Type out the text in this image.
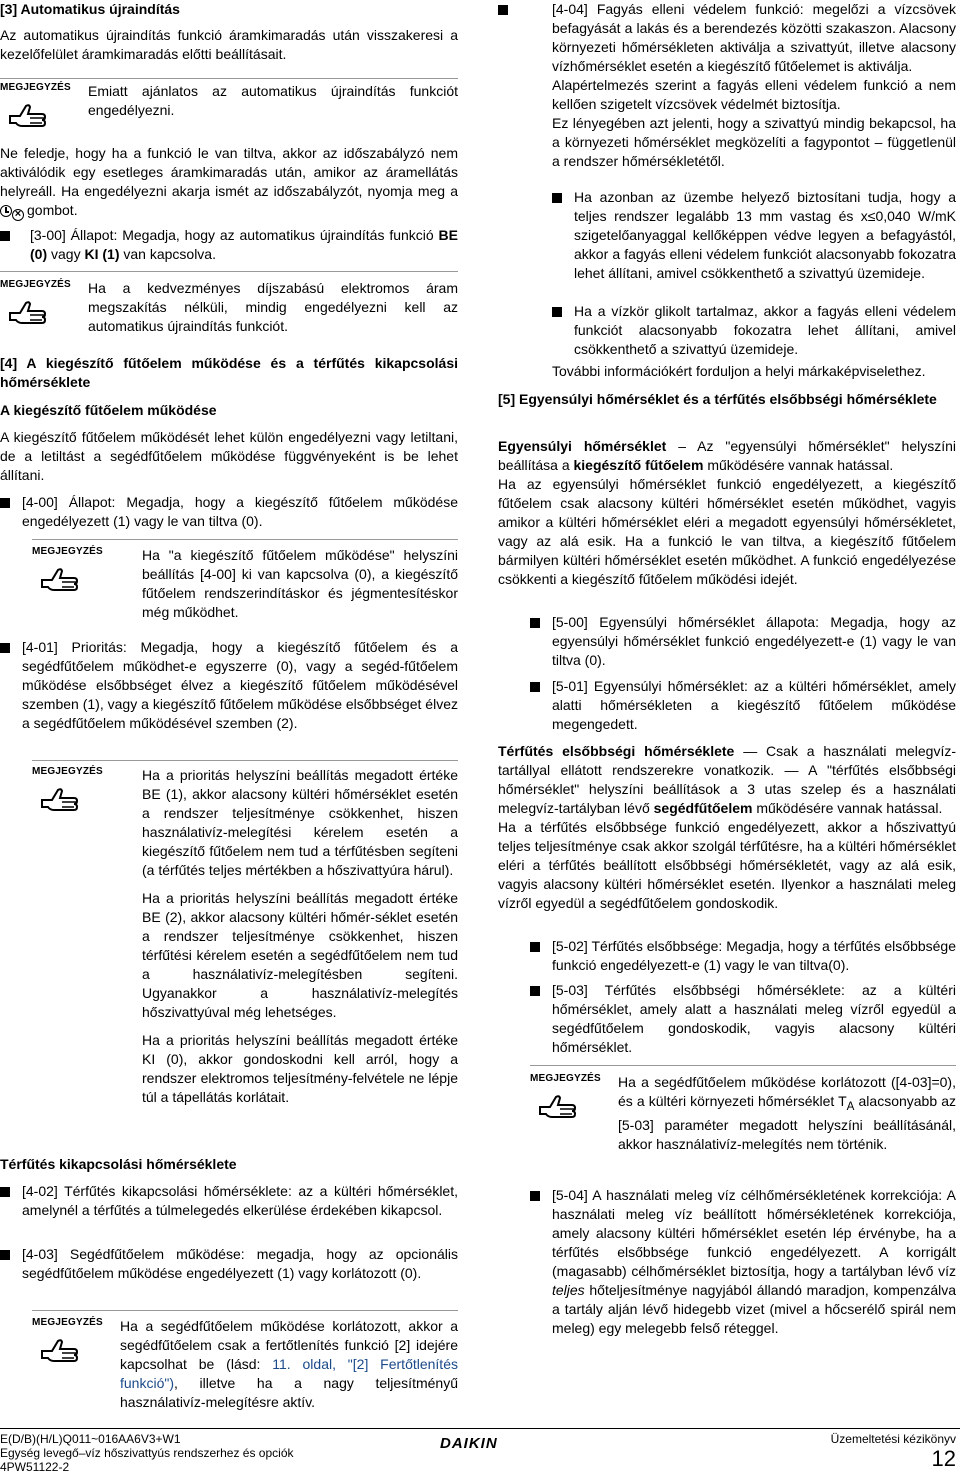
[3] Automatikus újraindítás

Az automatikus újraindítás funkció áramkimaradás után visszakeresi a kezelőfelület áramkimaradás előtti beállításait.

MEGJEGYZÉS Emiatt ajánlatos az automatikus újraindítás funkciót engedélyezni.

Ne feledje, hogy ha a funkció le van tiltva, akkor az időszabályzó nem aktiválódik egy esetleges áramkimaradás után, amikor az áramellátás helyreáll. Ha engedélyezni akarja ismét az időszabályzót, nyomja meg a
× gombot.

[3-00] Állapot: Megadja, hogy az automatikus újraindítás funkció BE (0) vagy KI (1) van kapcsolva.
MEGJEGYZÉS Ha a kedvezményes díjszabású elektromos áram megszakítás nélküli, mindig engedélyezni kell az automatikus újraindítás funkciót.

[4] A kiegészítő fűtőelem működése és a térfűtés kikapcsolási hőmérséklete

A kiegészítő fűtőelem működése

A kiegészítő fűtőelem működését lehet külön engedélyezni vagy letiltani, de a letiltást a segédfűtőelem működése függvényeként is be lehet állítani.

[4-00] Állapot: Megadja, hogy a kiegészítő fűtőelem működése engedélyezett (1) vagy le van tiltva (0).
MEGJEGYZÉS	Ha "a kiegészítő fűtőelem működése" helyszíni beállítás [4-00] ki van kapcsolva (0), a kiegészítő fűtőelem rendszerindításkor és jégmentesítéskor még működhet.
[4-01] Prioritás: Megadja, hogy a kiegészítő fűtőelem és a segédfűtőelem működhet-e egyszerre (0), vagy a segéd-fűtőelem működése elsőbbséget élvez a kiegészítő fűtőelem működésével szemben (1), vagy a kiegészítő fűtőelem működése elsőbbséget élvez a segédfűtőelem működésével szemben (2).
MEGJEGYZÉS	Ha a prioritás helyszíni beállítás megadott értéke BE (1), akkor alacsony kültéri hőmérséklet esetén a rendszer teljesítménye csökkenhet, hiszen használativíz-melegítési kérelem esetén a kiegészítő fűtőelem nem tud a térfűtésben segíteni (a térfűtés teljes mértékben a hőszivattyúra hárul).
Ha a prioritás helyszíni beállítás megadott értéke BE (2), akkor alacsony kültéri hőmér-séklet esetén a rendszer teljesítménye csökkenhet, hiszen térfűtési kérelem esetén a segédfűtőelem nem tud a használativíz-melegítésben segíteni. Ugyanakkor a használativíz-melegítés hőszivattyúval még lehetséges.
Ha a prioritás helyszíni beállítás megadott értéke KI (0), akkor gondoskodni kell arról, hogy a rendszer elektromos teljesítmény-felvétele ne lépje túl a tápellátás korlátait.

Térfűtés kikapcsolási hőmérséklete

[4-02] Térfűtés kikapcsolási hőmérséklete: az a kültéri hőmérséklet, amelynél a térfűtés a túlmelegedés elkerülése érdekében kikapcsol.
[4-03] Segédfűtőelem működése: megadja, hogy az opcionális segédfűtőelem működése engedélyezett (1) vagy korlátozott (0).
MEGJEGYZÉS Ha a segédfűtőelem működése korlátozott, akkor a segédfűtőelem csak a fertőtlenítés funkció [2] idejére kapcsolhat be (lásd: 11. oldal, "[2] Fertőtlenítés funkció"), illetve ha a nagy teljesítményű használativíz-melegítésre aktív.
[4-04] Fagyás elleni védelem funkció: megelőzi a vízcsövek befagyását a lakás és a berendezés közötti szakaszon. Alacsony környezeti hőmérsékleten aktiválja a szivattyút, illetve alacsony vízhőmérséklet esetén a kiegészítő fűtőelemet is aktiválja.
Alapértelmezés szerint a fagyás elleni védelem funkció a nem kellően szigetelt vízcsövek védelmét biztosítja.
Ez lényegében azt jelenti, hogy a szivattyú mindig bekapcsol, ha a környezeti hőmérséklet megközelíti a fagypontot – függetlenül a rendszer hőmérsékletétől.
Ha azonban az üzembe helyező biztosítani tudja, hogy a teljes rendszer legalább 13 mm vastag és x≤0,040 W/mK szigetelőanyaggal kellőképpen védve legyen a befagyástól, akkor a fagyás elleni védelem funkciót alacsonyabb fokozatra lehet állítani, amivel csökkenthető a szivattyú üzemideje.
Ha a vízkör glikolt tartalmaz, akkor a fagyás elleni védelem funkciót alacsonyabb fokozatra lehet állítani, amivel csökkenthető a szivattyú üzemideje.

További információkért forduljon a helyi márkaképviselethez.

[5] Egyensúlyi hőmérséklet és a térfűtés elsőbbségi hőmérséklete

Egyensúlyi hőmérséklet – Az "egyensúlyi hőmérséklet" helyszíni beállítása a kiegészítő fűtőelem működésére vannak hatással.

Ha az egyensúlyi hőmérséklet funkció engedélyezett, a kiegészítő fűtőelem csak alacsony kültéri hőmérséklet esetén működhet, vagyis amikor a kültéri hőmérséklet eléri a megadott egyensúlyi hőmérsékletet, vagy az alá esik. Ha a funkció le van tiltva, a kiegészítő fűtőelem bármilyen kültéri hőmérséklet esetén működhet. A funkció engedélyezése csökkenti a kiegészítő fűtőelem működési idejét.

[5-00] Egyensúlyi hőmérséklet állapota: Megadja, hogy az egyensúlyi hőmérséklet funkció engedélyezett-e (1) vagy le van tiltva (0).
[5-01] Egyensúlyi hőmérséklet: az a kültéri hőmérséklet, amely alatti hőmérsékleten a kiegészítő fűtőelem működése megengedett.

Térfűtés elsőbbségi hőmérséklete — Csak a használati melegvíz-tartállyal ellátott rendszerekre vonatkozik. — A "térfűtés elsőbbségi hőmérséklet" helyszíni beállítások a 3 utas szelep és a használati melegvíz-tartályban lévő segédfűtőelem működésére vannak hatással.

Ha a térfűtés elsőbbsége funkció engedélyezett, akkor a hőszivattyú teljes teljesítménye csak akkor szolgál térfűtésre, ha a kültéri hőmérséklet eléri a térfűtés beállított elsőbbségi hőmérsékletét, vagy az alá esik, vagyis alacsony kültéri hőmérséklet esetén. Ilyenkor a használati meleg vízről egyedül a segédfűtőelem gondoskodik.

[5-02] Térfűtés elsőbbsége: Megadja, hogy a térfűtés elsőbbsége funkció engedélyezett-e (1) vagy le van tiltva(0).
[5-03] Térfűtés elsőbbségi hőmérséklete: az a kültéri hőmérséklet, amely alatt a használati meleg vízről egyedül a segédfűtőelem gondoskodik, vagyis alacsony kültéri hőmérséklet.
MEGJEGYZÉS Ha a segédfűtőelem működése korlátozott ([4-03]=0), és a kültéri környezeti hőmérséklet $T_A$ alacsonyabb az [5-03] paraméter megadott helyszíni beállításánál, akkor használativíz-melegítés nem történik.
[5-04] A használati meleg víz célhőmérsékletének korrekciója: A használati meleg víz beállított hőmérsékletének korrekciója, amely alacsony kültéri hőmérséklet esetén lép érvénybe, ha a térfűtés elsőbbsége funkció engedélyezett. A korrigált (magasabb) célhőmérséklet biztosítja, hogy a tartályban lévő víz teljes hőteljesítménye nagyjából állandó maradjon, kompenzálva a tartály alján lévő hidegebb vizet (mivel a hőcserélő spirál nem meleg) egy melegebb felső réteggel.
E(D/B)(H/L)Q011~016AA6V3+W1
Egység levegő–víz hőszivattyús rendszerhez és opciók
4PW51122-2
DAIKIN	Üzemeltetési kézikönyv
12
